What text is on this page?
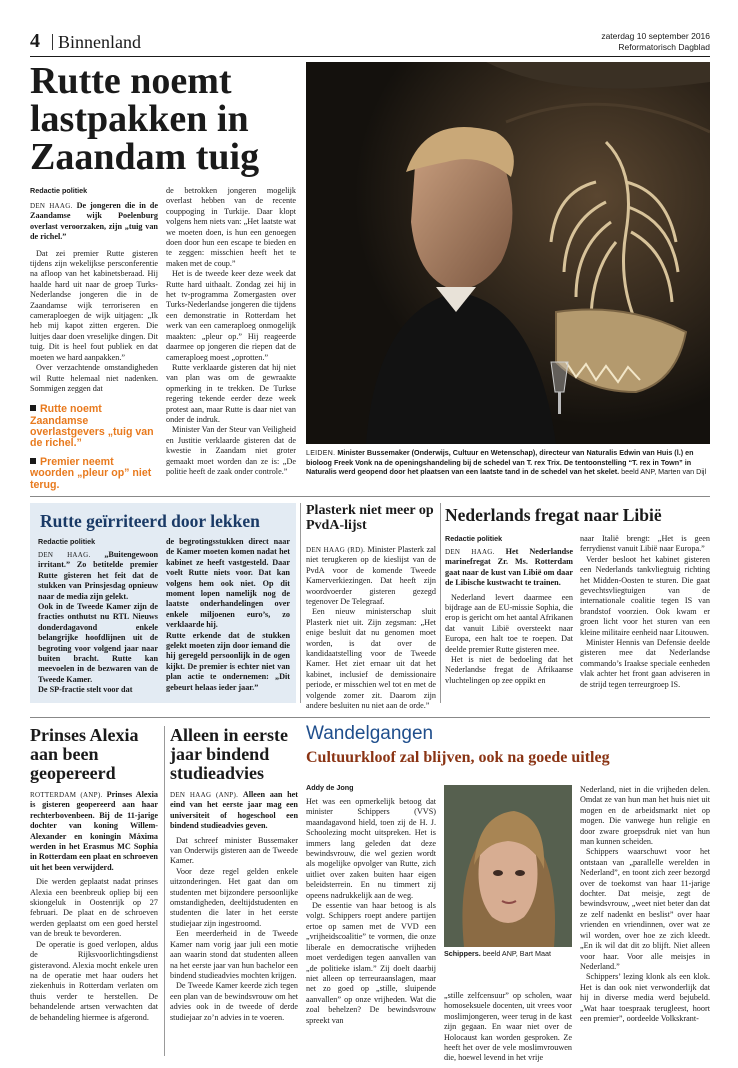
4 Binnenland	zaterdag 10 september 2016
Reformatorisch Dagblad
Rutte noemt lastpakken in Zaandam tuig
Redactie politiek

DEN HAAG. De jongeren die in de Zaandamse wijk Poelenburg overlast veroorzaken, zijn „tuig van de richel.”

Dat zei premier Rutte gisteren tijdens zijn wekelijkse persconferentie na afloop van het kabinetsberaad. Hij haalde hard uit naar de groep Turks-Nederlandse jongeren die in de Zaandamse wijk terroriseren en cameraploegen de wijk uitjagen: „Ik heb mij kapot zitten ergeren. Die luitjes daar doen vreselijke dingen. Dit tuig. Dit is heel fout publiek en dat moeten we hard aanpakken.”

Over verzachtende omstandigheden wil Rutte helemaal niet nadenken. Sommigen zeggen dat

Rutte noemt Zaandamse overlastgevers „tuig van de richel.”
Premier neemt woorden „pleur op” niet terug.

de betrokken jongeren mogelijk overlast hebben van de recente couppoging in Turkije. Daar klopt volgens hem niets van: „Het laatste wat we moeten doen, is hun een genoegen doen door hun een escape te bieden en te zeggen: misschien heeft het te maken met de coup.”

Het is de tweede keer deze week dat Rutte hard uithaalt. Zondag zei hij in het tv-programma Zomergasten over Turks-Nederlandse jongeren die tijdens een demonstratie in Rotterdam het werk van een cameraploeg onmogelijk maakten: „pleur op.” Hij reageerde daarmee op jongeren die riepen dat de cameraploeg moest „oprotten.”

Rutte verklaarde gisteren dat hij niet van plan was om de gewraakte opmerking in te trekken. De Turkse regering tekende eerder deze week protest aan, maar Rutte is daar niet van onder de indruk.

Minister Van der Steur van Veiligheid en Justitie verklaarde gisteren dat de kwestie in Zaandam niet groter gemaakt moet worden dan ze is: „De politie heeft de zaak onder controle.”

LEIDEN. Minister Bussemaker (Onderwijs, Cultuur en Wetenschap), directeur van Naturalis Edwin van Huis (l.) en bioloog Freek Vonk na de openingshandeling bij de schedel van T. rex Trix. De tentoonstelling “T. rex in Town” in Naturalis werd geopend door het plaatsen van een laatste tand in de schedel van het skelet. beeld ANP, Marten van Dijl
Rutte geïrriteerd door lekken
Redactie politiek

DEN HAAG. „Buitengewoon irritant.” Zo betitelde premier Rutte gisteren het feit dat de stukken van Prinsjesdag opnieuw naar de media zijn gelekt.

Ook in de Tweede Kamer zijn de fracties onthutst nu RTL Nieuws donderdagavond enkele belangrijke hoofdlijnen uit de begroting voor volgend jaar naar buiten bracht. Rutte kan meevoelen in de bezwaren van de Tweede Kamer.

De SP-fractie stelt voor dat

de begrotingsstukken direct naar de Kamer moeten komen nadat het kabinet ze heeft vastgesteld. Daar voelt Rutte niets voor. Dat kan volgens hem ook niet. Op dit moment lopen namelijk nog de laatste onderhandelingen over enkele miljoenen euro’s, zo verklaarde hij.

Rutte erkende dat de stukken gelekt moeten zijn door iemand die hij geregeld persoonlijk in de ogen kijkt. De premier is echter niet van plan actie te ondernemen: „Dit gebeurt helaas ieder jaar.”

Plasterk niet meer op PvdA-lijst

DEN HAAG (RD). Minister Plasterk zal niet terugkeren op de kieslijst van de PvdA voor de komende Tweede Kamerverkiezingen. Dat heeft zijn woordvoerder gisteren gezegd tegenover De Telegraaf.

Een nieuw ministerschap sluit Plasterk niet uit. Zijn zegsman: „Het enige besluit dat nu genomen moet worden, is dat over de kandidaatstelling voor de Tweede Kamer. Het ziet ernaar uit dat het kabinet, inclusief de demissionaire periode, er misschien wel tot en met de volgende zomer zit. Daarom zijn andere besluiten nu niet aan de orde.”

Nederlands fregat naar Libië
Redactie politiek

DEN HAAG. Het Nederlandse marinefregat Zr. Ms. Rotterdam gaat naar de kust van Libië om daar de Libische kustwacht te trainen.

Nederland levert daarmee een bijdrage aan de EU-missie Sophia, die erop is gericht om het aantal Afrikanen dat vanuit Libië oversteekt naar Europa, een halt toe te roepen. Dat deelde premier Rutte gisteren mee.

Het is niet de bedoeling dat het Nederlandse fregat de Afrikaanse vluchtelingen op zee oppikt en

naar Italië brengt: „Het is geen ferrydienst vanuit Libië naar Europa.”

Verder besloot het kabinet gisteren een Nederlands tankvliegtuig richting het Midden-Oosten te sturen. Die gaat gevechtsvliegtuigen van de internationale coalitie tegen IS van brandstof voorzien. Ook kwam er groen licht voor het sturen van een kleine militaire eenheid naar Litouwen.

Minister Hennis van Defensie deelde gisteren mee dat Nederlandse commando’s Iraakse speciale eenheden vlak achter het front gaan adviseren in de strijd tegen terreurgroep IS.

Prinses Alexia aan been geopereerd

ROTTERDAM (ANP). Prinses Alexia is gisteren geopereerd aan haar rechterbovenbeen. Bij de 11-jarige dochter van koning Willem-Alexander en koningin Máxima werden in het Erasmus MC Sophia in Rotterdam een plaat en schroeven uit het been verwijderd.

Die werden geplaatst nadat prinses Alexia een beenbreuk opliep bij een skiongeluk in Oostenrijk op 27 februari. De plaat en de schroeven werden geplaatst om een goed herstel van de breuk te bevorderen.

De operatie is goed verlopen, aldus de Rijksvoorlichtingsdienst gisteravond. Alexia mocht enkele uren na de operatie met haar ouders het ziekenhuis in Rotterdam verlaten om thuis verder te herstellen. De behandelende artsen verwachten dat de behandeling hiermee is afgerond.

Alleen in eerste jaar bindend studieadvies

DEN HAAG (ANP). Alleen aan het eind van het eerste jaar mag een universiteit of hogeschool een bindend studieadvies geven.

Dat schreef minister Bussemaker van Onderwijs gisteren aan de Tweede Kamer.

Voor deze regel gelden enkele uitzonderingen. Het gaat dan om studenten met bijzondere persoonlijke omstandigheden, deeltijdstudenten en studenten die later in het eerste studiejaar zijn ingestroomd.

Een meerderheid in de Tweede Kamer nam vorig jaar juli een motie aan waarin stond dat studenten alleen na het eerste jaar van hun bachelor een bindend studieadvies mochten krijgen.

De Tweede Kamer keerde zich tegen een plan van de bewindsvrouw om het advies ook in de tweede of derde studiejaar zo’n advies in te voeren.

Wandelgangen
Cultuurkloof zal blijven, ook na goede uitleg
Addy de Jong

Het was een opmerkelijk betoog dat minister Schippers (VVS) maandagavond hield, toen zij de H. J. Schoolezing mocht uitspreken. Het is immers lang geleden dat deze bewindsvrouw, die wel gezien wordt als mogelijke opvolger van Rutte, zich uitliet over zaken buiten haar eigen beleidsterrein. En nu timmert zij opeens nadrukkelijk aan de weg.

De essentie van haar betoog is als volgt. Schippers roept andere partijen ertoe op samen met de VVD een „vrijheidscoalitie” te vormen, die onze liberale en democratische vrijheden moet verdedigen tegen aanvallen van „de politieke islam.” Zij doelt daarbij niet alleen op terreuraanslagen, maar net zo goed op „stille, sluipende aanvallen” op onze vrijheden. Wat die zoal behelzen? De bewindsvrouw spreekt van

Schippers. beeld ANP, Bart Maat

„stille zelfcensuur” op scholen, waar homoseksuele docenten, uit vrees voor moslimjongeren, weer terug in de kast zijn gegaan. En waar niet over de Holocaust kan worden gesproken. Ze heeft het over de vele moslimvrouwen die, hoewel levend in het vrije

Nederland, niet in die vrijheden delen. Omdat ze van hun man het huis niet uit mogen en de arbeidsmarkt niet op mogen. Die vanwege hun religie en door zware groepsdruk niet van hun man kunnen scheiden.

Schippers waarschuwt voor het ontstaan van „parallelle werelden in Nederland”, en toont zich zeer bezorgd over de toekomst van haar 11-jarige dochter. Dat meisje, zegt de bewindsvrouw, „weet niet beter dan dat ze zelf nadenkt en beslist” over haar vrienden en vriendinnen, over wat ze wil worden, over hoe ze zich kleedt. „En ik wil dat dit zo blijft. Niet alleen voor haar. Voor alle meisjes in Nederland.”

Schippers’ lezing klonk als een klok. Het is dan ook niet verwonderlijk dat hij in diverse media werd bejubeld. „Wat haar toespraak terugleest, hoort een premier”, oordeelde Volkskrant-
